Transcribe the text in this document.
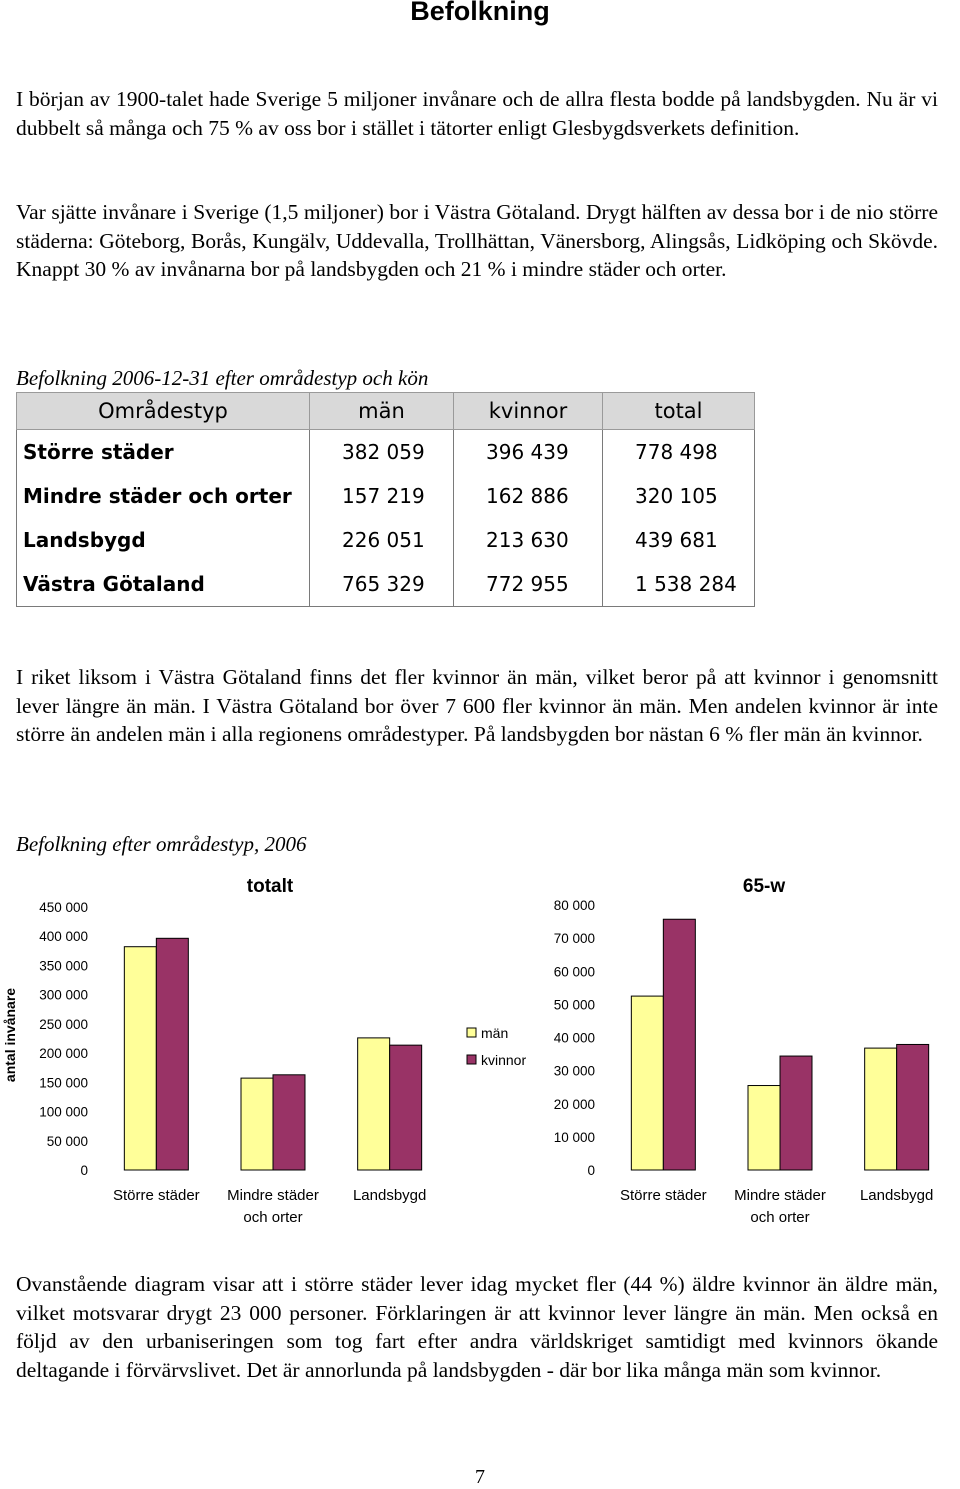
Befolkning
I början av 1900-talet hade Sverige 5 miljoner invånare och de allra flesta bodde på landsbygden. Nu är vi dubbelt så många och 75 % av oss bor i stället i tätorter enligt Glesbygdsverkets definition.
Var sjätte invånare i Sverige (1,5 miljoner) bor i Västra Götaland. Drygt hälften av dessa bor i de nio större städerna: Göteborg, Borås, Kungälv, Uddevalla, Trollhättan, Vänersborg, Alingsås, Lidköping och Skövde. Knappt 30 % av invånarna bor på landsbygden och 21 % i mindre städer och orter.
Befolkning 2006-12-31 efter områdestyp och kön
Områdestyp	män	kvinnor	total
Större städer	382 059	396 439	778 498
Mindre städer och orter	157 219	162 886	320 105
Landsbygd	226 051	213 630	439 681
Västra Götaland	765 329	772 955	1 538 284
I riket liksom i Västra Götaland finns det fler kvinnor än män, vilket beror på att kvinnor i genomsnitt lever längre än män. I Västra Götaland bor över 7 600 fler kvinnor än män. Men andelen kvinnor är inte större än andelen män i alla regionens områdestyper. På landsbygden bor nästan 6 % fler män än kvinnor.
Befolkning efter områdestyp, 2006
totalt
antal invånare
0
50 000
100 000
150 000
200 000
250 000
300 000
350 000
400 000
450 000
Större städer Mindre städer
och orter
Landsbygd
65-w
0
10 000
20 000
30 000
40 000
50 000
60 000
70 000
80 000
Större städer Mindre städer
och orter
Landsbygd
män
kvinnor
Ovanstående diagram visar att i större städer lever idag mycket fler (44 %) äldre kvinnor än äldre män, vilket motsvarar drygt 23 000 personer. Förklaringen är att kvinnor lever längre än män. Men också en följd av den urbaniseringen som tog fart efter andra världskriget samtidigt med kvinnors ökande deltagande i förvärvslivet. Det är annorlunda på landsbygden - där bor lika många män som kvinnor.
7
